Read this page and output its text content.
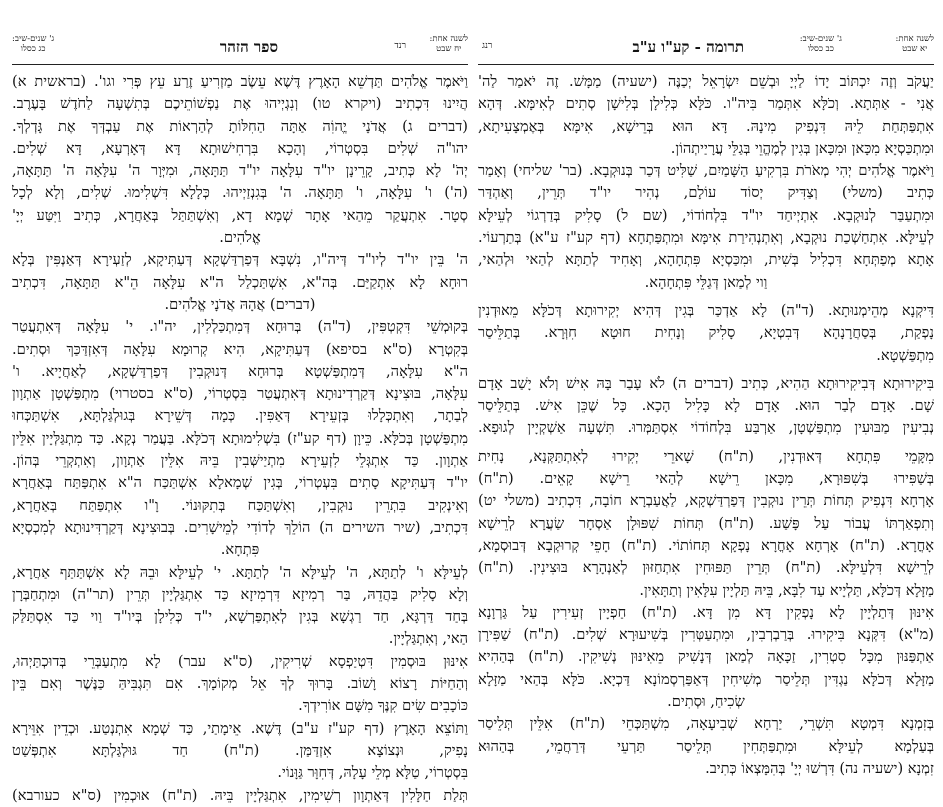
לשנה אחת:
יא שבט
ג' שנים-שיב:
כב כסלו
תרומה - קע"ו ע"ב
רנג
יַעֲקֹב וְזֶה יִכְתּוֹב יָדוֹ לַיְיָ וּבְשֵׁם יִשְׂרָאֵל יְכַנֶּה (ישעיה) מַמָּשׁ. זֶה יֹאמַר לַה'
אֲנִי - אַתְּתָא. וְכֹלָּא אִתְּמַר בִּיה"ו. כֹּלָּא כְּלִילָן בְּלִישָׁן סְתִים לְאִימָּא. דְּהָא
אִתְפַּתְּחַת לֵיהּ דִּנְפִיק מִינָהּ. דָּא הוּא בְּרֵישָׁא, אִימָּא בְּאֶמְצָעִיתָא,
וּמִתְכַּסְיָא מִכָּאן וּמִכָּאן בְּגִין לְמֶהֱוֵי בְּגַלֵּי עֲרָיַיתְהוֹן.
וַיֹּאמֶר אֱלֹהִים יְהִי מְאֹרֹת בִּרְקִיעַ הַשָּׁמַיִם, שַׁלִּיט דְּכַר בְּנוּקְבָא. (בר' שליחי) וְאָמַר
כְּתִיב (משלי) וְצַדִּיק יְסוֹד עוֹלָם, נְהִיר יו"ד תְּרֵין, וְאַהְדַּר
וּמִתְעַבַּר לְנוּקְבָא. אִתְיְיחַד יו"ד בִּלְחוֹדוֹי, (שם ל) סָלִיק בְּדַרְגוֹי לְעֵילָּא
לְעֵילָּא. אִתְחַשְׁכַת נוּקְבָא, וְאִתְנְהִירַת אִימָּא וּמִתְפַּתְחָא (דף קע"ז ע"א) בְּתַרְעוֹי.
אָתָא מְפַתְּחָא דִּכְלִיל בְּשִׁית, וּמִכַּסְיָא פִּתְחָהָא, וְאָחִיד לְתַתָּא לְהַאי וּלְהַאי,
וַוי לְמַאן דְּגַלֵּי פִּתְחָהָא.
דִּיקְנָא מְהֵימְנוּתָא. (ד"ה) לָא אַדְכַּר בְּגִין דְּהִיא יְקִירוּתָא דְּכֹלָּא מֵאוּדְנִין
נָפְקַת, בְּסַחֲרָנָהָא דְּבִטְיָא, סָלִיק וְנָחִית חוּטָא חִוְּרָא. בְּתַלֵּיסַר
מִתְפַּשְׁטָא.
בִּיקִירוּתָא דְּבִיקִירוּתָא הַהִיא, כְּתִיב (דברים ה) לֹא עָבַר בָּהּ אִישׁ וְלֹא יָשַׁב אָדָם
שָׁם. אָדָם לְבַר הוּא. אָדָם לָא כָּלִיל הָכָא. כָּל שֶׁכֵּן אִישׁ. בְּתַלֵּיסַר
נְבִיעִין מַבּוּעִין מִתְפַּשְׁטָן, אַרְבַּע בִּלְחוֹדוֹי אִסְתַּמְּרוּ. תִּשְׁעָה אַשְׁקְיָין לְגוּפָא.
מִקָּמֵי פִּתְחָא דְּאוּדְנִין, (ת"ח) שָׁארֵי יְקִירוּ לְאִתְתַּקְּנָא, נָחִית
בְּשַׁפִּירוּ בְּשִׁפּוּרָא, מִכָּאן רֵישָׁא לְהַאי רֵישָׁא קָאֵים. (ת"ח)
אָרְחָא דִּנְפִיק תְּחוֹת תְּרֵין נוּקְבִין דְּפַרְדַּשְׁקָא, לַאֲעַבְרָא חוֹבָה, דִּכְתִיב (משלי יט)
וְתִפְאַרְתּוֹ עֲבוֹר עַל פָּשַׁע. (ת"ח) תְּחוֹת שִׁפּוּלָן אַסְחָר שַׂעֲרָא לְרֵישָׁא
אָחֳרָא. (ת"ח) אָרְחָא אָחֳרָא נָפְקָא תְּחוֹתוֹי. (ת"ח) חָפֵי קְרוּקְבָא דְּבוּסְמָא,
לְרֵישָׁא דִּלְעֵילָּא. (ת"ח) תְּרֵין תַּפּוּחִין אִתְחַזּוּן לְאַנְהָרָא בּוּצִינִין. (ת"ח)
מַזָּלָא דְּכֹלָּא, תַּלְיָיא עַד לִבָּא, בֵּיהּ תַּלְיָין עִלָּאִין וְתַתָּאִין.
אִינּוּן דְּתַלְיָין לָא נָפְקִין דָּא מִן דָּא. (ת"ח) חַפְיָין זְעִירִין עַל גַּרְוָנָא
(מ"א) דִּקְּנָא בִּיקִירוּ. בְּרַבְרְבִין, וּמִתְעַטְּרִין בְּשִׁיעוּרָא שְׁלִים. (ת"ח) שַׁפִּירָן
אַתְפַּנּוּן מִכָּל סִטְרִין, זַכָּאָה לְמַאן דְּנָשִׁיק מֵאִינּוּן נְשִׁיקִין. (ת"ח) בְּהַהִיא
מַזָּלָא דְּכֹלָּא נַגְדִּין תְּלֵיסַר מְשִׁיחִין דְּאַפַּרְסְמוֹנָא דַּכְיָא. כֹּלָּא בְּהַאי מַזָּלָא
שְׂכִיחַ, וּסְתִים.
בְּזִמְנָא דִּמְטָא תִּשְׁרֵי, יַרְחָא שְׁבִיעָאָה, מִשְׁתַּכְּחֵי (ת"ח) אִלֵּין תְּלֵיסַר
בְּעַלְמָא לְעֵילָּא וּמִתְפַּתְּחִין תְּלֵיסַר תַּרְעֵי דְּרַחֲמֵי, בְּהַהוּא
זִמְנָא (ישעיה נה) דִּרְשׁוּ יְיָ' בְּהִמָּצְאוֹ כְּתִיב.
לשנה אחת:
יח שבט
רנד
ספר הזהר
ג' שנים-שיב:
כג כסלו
וַיֹּאמֶר אֱלֹהִים תַּדְשֵׁא הָאָרֶץ דֶּשֶׁא עֵשֶׂב מַזְרִיעַ זֶרַע עֵץ פְּרִי וגו'. (בראשית א)
הֲיִינוּ דִּכְתִיב (ויקרא טו) וְנִגְיְיהוּ אֶת נַפְשׁוֹתֵיכֶם בְּתִשְׁעָה לַחֹדֶשׁ בָּעֶרֶב.
(דברים ג) אֲדֹנָי יֱהוִֹה אַתָּה הַחִלּוֹתָ לְהַרְאוֹת אֶת עַבְדְּךָ אֶת גָּדְלְךָ.
יהו"ה שְׁלִים בִּסְטְרוֹי, וְהָכָא בִּרְחִישׁוּתָא דָּא דְּאָרְעָא, דָּא שְׁלִים.
יְהֹ' לָא כְּתִיב, קָרֵינָן יו"ד עִלָּאָה יו"ד תַּתָּאָה, וּמִיְּוָר ה' עִלָּאָה ה' תַּתָּאָה,
(ה') ו' עִלָּאָה, ו' תַּתָּאָה. ה' בְּגִנְזַיְיהוּ. כְּלָלָא דִּשְׁלִימוּ. שְׁלִים, וְלָא לְכָל
סְטָר. אִתְעֲקַר מֵהַאי אָתָר שְׁמָא דָא, וְאִשְׁתַּתַּל בְּאַחֲרָא, כְּתִיב וַיִּטַּע יְיָ'
אֱלֹהִים.
ה' בֵּין יו"ד לְיו"ד דְּיה"ו, נִשְׁבָּא דְּפַרְדַּשְׁקָא דְּעַתִּיקָא, לְזַעְירָא דְּאַנְפִּין בְּלָא
רוּחָא לָא אִתְקַיַּם. בְּה"א, אִשְׁתַּכְלַל ה"א עִלָּאָה הֵ"א תַּתָּאָה, דִּכְתִיב
(דברים) אֲהָהּ אֲדֹנָי אֱלֹהִים.
בְּקוּמְשֵׁי דִּקְטְפִּין, (ד"ה) בְּרוּחָא דְּמִתְכַּלְלִין, יה"ו. י' עִלָּאָה דְּאִתְעֲטַר
בְּקִטְרָא (ס"א בסיפא) דְּעַתִּיקָא, הִיא קְרוּמָא עִלָּאָה דְּאִזְדַּכַּךְ וּסְתִים.
ה"א עִלָּאָה, דְּמִתְפַּשְׁטָא בְּרוּחָא דְּנוּקְבִין דְּפַרְדַּשְׁקָא, לְאַחֲיָיא. ו'
עִלָּאָה, בּוּצִינָא דְּקַרְדִינוּתָא דְּאִתְעֲטַר בִּסְטְרוֹי, (ס"א בסטרוי) מִתְפַּשְׁטָן אַתְוָון
לְבַתָר, וְאִתְכְּלָלוּ בְּזְעֵירָא דְּאַפִּין. כְּמָה דְּשֵׁירָא בְּגוּלְגַּלְתָּא, אִשְׁתַּכְּחוּ
מִתְפַּשְׁטָן בְּכֹלָּא. כֵּיוָן (דף קע"ז) בִּשְׁלִימוּתָא דְּכֹלָּא. בַּעֲמַר נְקָא. כַּד מִתְגַּלְּיָין אִלֵּין
אַתְוָון. כַּד אִתְגְּלֵי לִזְעֵירָא מִתְיַישְּׁבִין בֵּיהּ אִלֵּין אַתְוָון, וְאִתְקְרֵי בְּהוֹן.
יו"ד דְּעַתִּיקָא סָתִים בִּעְטְרוֹי, בְּגִין שְׁמָאלָא אִשְׁתַּכַּח ה"א אִתְפַּתַּח בְּאַחֲרָא
וְאִינְקִיב בִּתְרֵין נוּקְבִין, וְאִשְׁתַּכַּח בְּתִקּוּנוֹי. וָ"ו אִתְפַּתַּח בְּאַחֲרָא,
דִּכְתִיב, (שיר השירים ה) הוֹלֵךְ לְדוֹדִי לְמֵישָׁרִים. בְּבוּצִינָא דְּקַרְדִּינוּתָא לְמִכְסְיָא
פִּתְחָא.
לְעֵילָּא ו' לְתַתָּא, ה' לְעֵילָּא ה' לְתַתָּא. י' לְעֵילָּא וּבֵהּ לָא אִשְׁתַּתַּף אַחֲרָא,
וְלָא סָלִיק בַּהֲדֵהּ, בַּר רְמִיזָא דִּרְמִיזָא כַּד אִתְגַּלְיָין תְּרֵין (תר"ה) וּמִתְחַבְּרָן
בְּחַד דַּרְגָּא, חַד רַגְשָׁא בְּגִין לְאִתְפַּרְשָׁא, י"ד כְּלִילָן בְּיו"ד וַוי כַּד אִסְתַּלַּק
הַאי, וְאִתְגַּלְיָין.
אִינּוּן בּוּסְמִין דִּטְיַפְסָא שְׁרִיקִין, (ס"א עבר) לָא מִתְעַבְּרֵי בְּדוּכְתַּיְהוּ,
וְהַחַיּוֹת רָצוֹא וָשׁוֹב. בָּרוּךְ לְךָ אֵל מְקוֹמָךְ. אִם תִּגְבִּיהַּ כַּנֶּשֶׁר וְאִם בֵּין
כּוֹכָבִים שִׂים קִנֶּךָ מִשָּׁם אוֹרִידְךָ.
וַתּוֹצֵא הָאָרֶץ (דף קע"ז ע"ב) דֶּשֶׁא. אֵימָתַי, כַּד שְׁמָא אִתְנְטַע. וּכְדֵין אִוֵּירָא
נָפִיק, וּנְצוֹצָא אִזְדַּמַּן. (ת"ח) חַד גּוּלְגַּלְתָּא אִתְפְּשַׁט
בִּסְטְרוֹי, טַלָּא מְלֵי עָלָהּ, דְּחִוָּר גַּוָּנוֹי.
תְּלַת חַלָּלִין דְּאַתְוָון רְשִׁימִין, אִתְגַּלְיָין בֵּיהּ. (ת"ח) אוּכְמִין (ס"א כעורבא)
